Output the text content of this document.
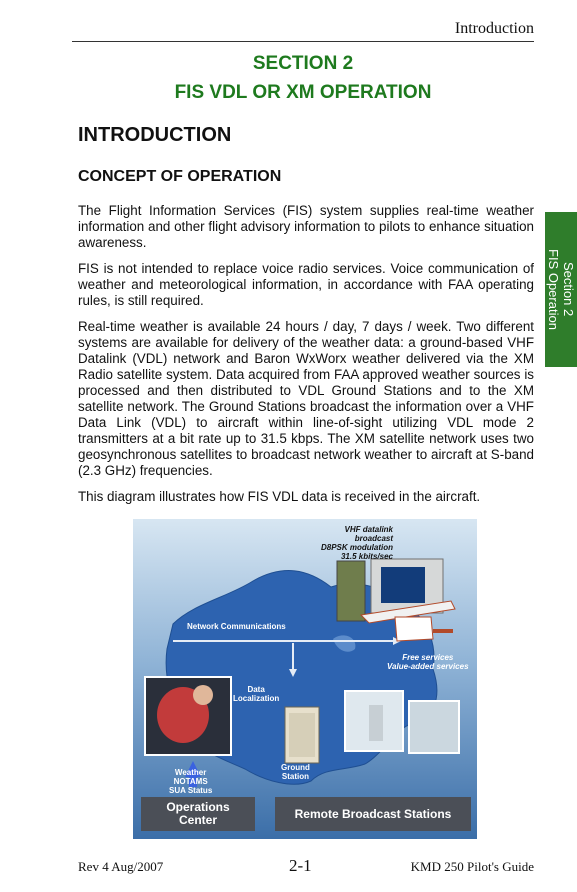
Introduction
SECTION 2
FIS VDL OR XM OPERATION
INTRODUCTION
CONCEPT OF OPERATION

The Flight Information Services (FIS) system supplies real-time weather information and other flight advisory information to pilots to enhance situation awareness.

FIS is not intended to replace voice radio services. Voice communication of weather and meteorological information, in accordance with FAA operating rules, is still required.

Real-time weather is available 24 hours / day, 7 days / week. Two different systems are available for delivery of the weather data: a ground-based VHF Datalink (VDL) network and Baron WxWorx weather delivered via the XM Radio satellite system. Data acquired from FAA approved weather sources is processed and then distributed to VDL Ground Stations and to the XM satellite network. The Ground Stations broadcast the information over a VHF Data Link (VDL) to aircraft within line-of-sight utilizing VDL mode 2 transmitters at a bit rate up to 31.5 kbps. The XM satellite network uses two geosynchronous satellites to broadcast network weather to aircraft at S-band (2.3 GHz) frequencies.

This diagram illustrates how FIS VDL data is received in the aircraft.

Section 2
FIS Operation
VHF datalink
broadcast
D8PSK modulation
31.5 kbits/sec
Network Communications
Data
Localization
Free services
Value-added services
Ground
Station
Weather
NOTAMS
SUA Status
Operations
Center	Remote Broadcast Stations
Rev 4 Aug/2007	2-1	KMD 250 Pilot's Guide
